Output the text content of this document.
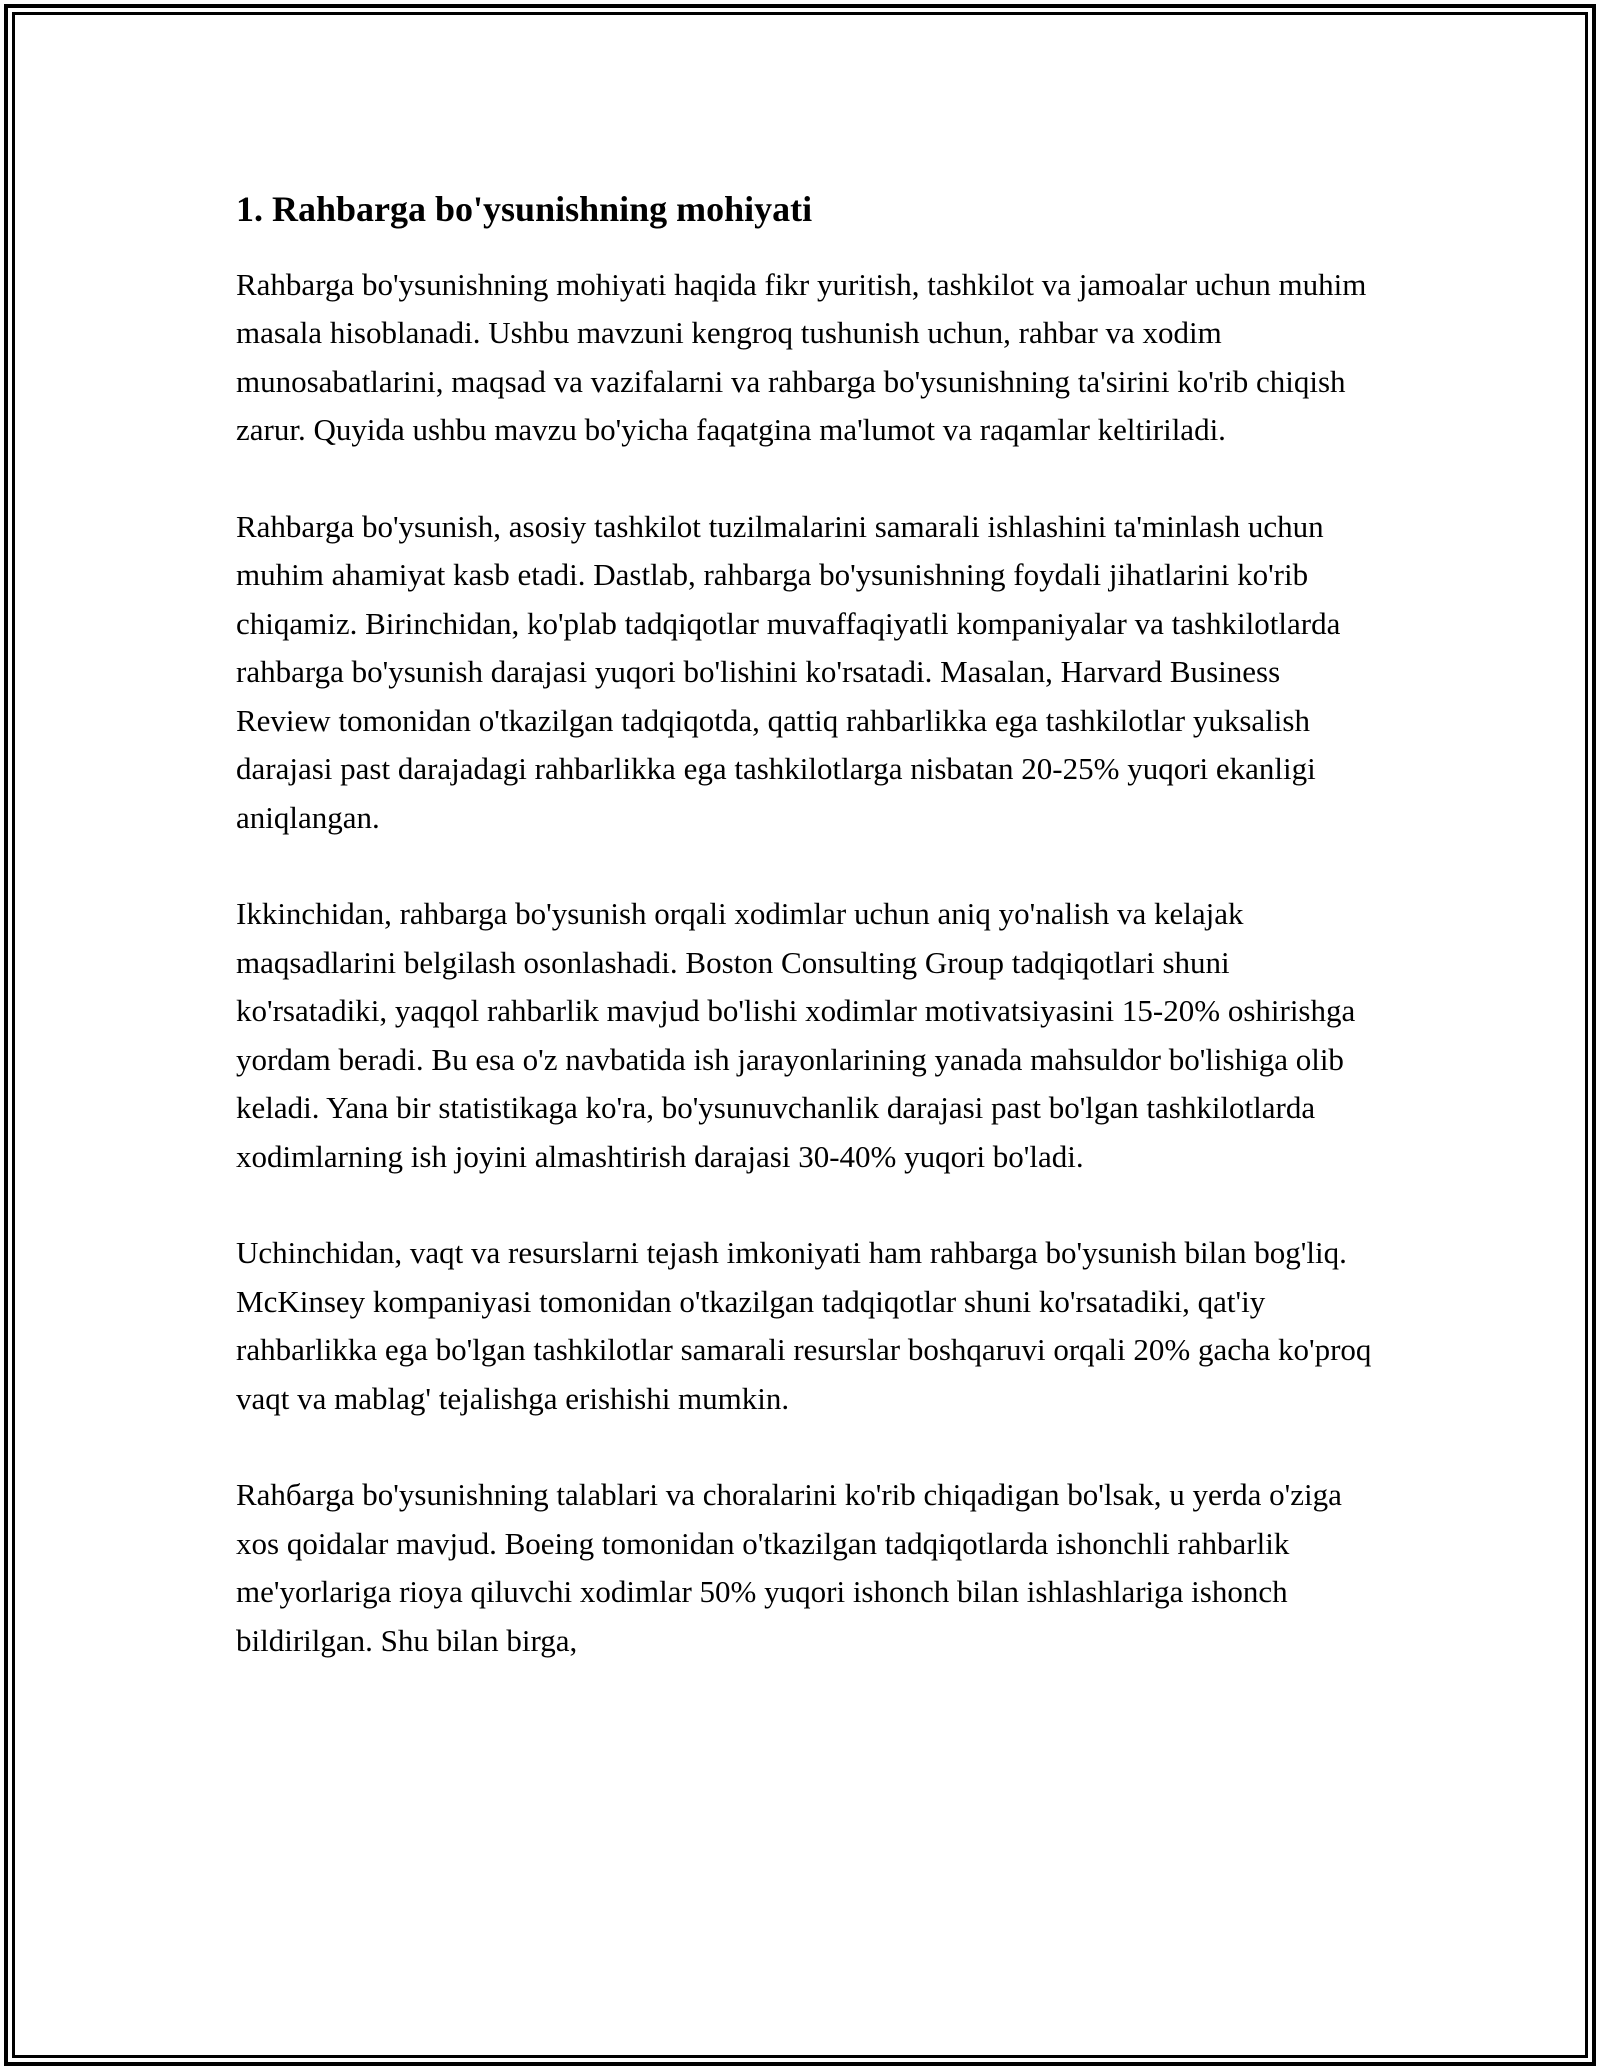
1. Rahbarga bo'ysunishning mohiyati

Rahbarga bo'ysunishning mohiyati haqida fikr yuritish, tashkilot va jamoalar uchun muhim masala hisoblanadi. Ushbu mavzuni kengroq tushunish uchun, rahbar va xodim munosabatlarini, maqsad va vazifalarni va rahbarga bo'ysunishning ta'sirini ko'rib chiqish zarur. Quyida ushbu mavzu bo'yicha faqatgina ma'lumot va raqamlar keltiriladi.

Rahbarga bo'ysunish, asosiy tashkilot tuzilmalarini samarali ishlashini ta'minlash uchun muhim ahamiyat kasb etadi. Dastlab, rahbarga bo'ysunishning foydali jihatlarini ko'rib chiqamiz. Birinchidan, ko'plab tadqiqotlar muvaffaqiyatli kompaniyalar va tashkilotlarda rahbarga bo'ysunish darajasi yuqori bo'lishini ko'rsatadi. Masalan, Harvard Business Review tomonidan o'tkazilgan tadqiqotda, qattiq rahbarlikka ega tashkilotlar yuksalish darajasi past darajadagi rahbarlikka ega tashkilotlarga nisbatan 20-25% yuqori ekanligi aniqlangan.

Ikkinchidan, rahbarga bo'ysunish orqali xodimlar uchun aniq yo'nalish va kelajak maqsadlarini belgilash osonlashadi. Boston Consulting Group tadqiqotlari shuni ko'rsatadiki, yaqqol rahbarlik mavjud bo'lishi xodimlar motivatsiyasini 15-20% oshirishga yordam beradi. Bu esa o'z navbatida ish jarayonlarining yanada mahsuldor bo'lishiga olib keladi. Yana bir statistikaga ko'ra, bo'ysunuvchanlik darajasi past bo'lgan tashkilotlarda xodimlarning ish joyini almashtirish darajasi 30-40% yuqori bo'ladi.

Uchinchidan, vaqt va resurslarni tejash imkoniyati ham rahbarga bo'ysunish bilan bog'liq. McKinsey kompaniyasi tomonidan o'tkazilgan tadqiqotlar shuni ko'rsatadiki, qat'iy rahbarlikka ega bo'lgan tashkilotlar samarali resurslar boshqaruvi orqali 20% gacha ko'proq vaqt va mablag' tejalishga erishishi mumkin.

Rahбarga bo'ysunishning talablari va choralarini ko'rib chiqadigan bo'lsak, u yerda o'ziga xos qoidalar mavjud. Boeing tomonidan o'tkazilgan tadqiqotlarda ishonchli rahbarlik me'yorlariga rioya qiluvchi xodimlar 50% yuqori ishonch bilan ishlashlariga ishonch bildirilgan. Shu bilan birga,
